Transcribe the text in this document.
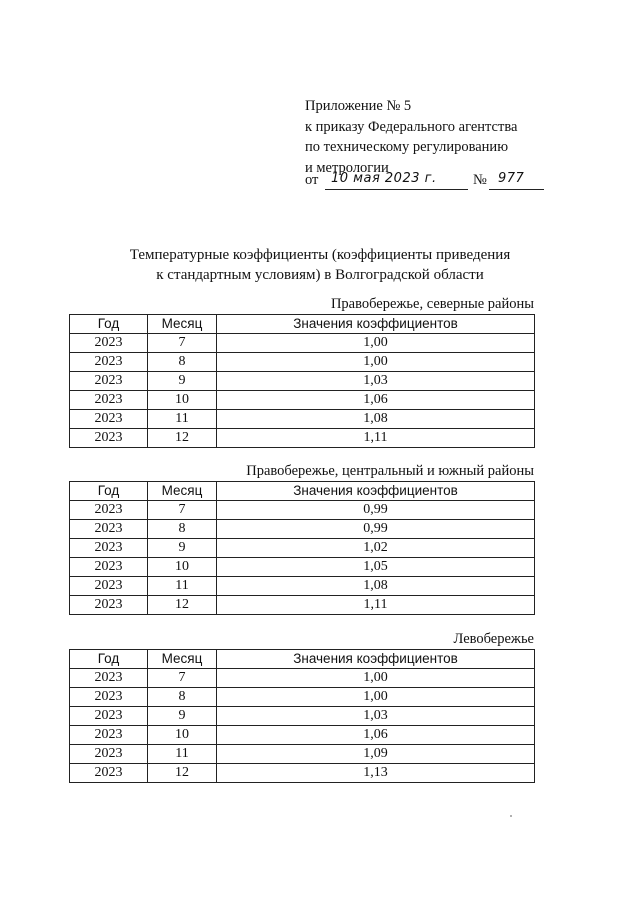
Приложение № 5
к приказу Федерального агентства
по техническому регулированию
и метрологии
от 10 мая 2023 г.	№ 977
Температурные коэффициенты (коэффициенты приведения
к стандартным условиям) в Волгоградской области
Правобережье, северные районы
Год	Месяц	Значения коэффициентов
2023	7	1,00
2023	8	1,00
2023	9	1,03
2023	10	1,06
2023	11	1,08
2023	12	1,11
Правобережье, центральный и южный районы
Год	Месяц	Значения коэффициентов
2023	7	0,99
2023	8	0,99
2023	9	1,02
2023	10	1,05
2023	11	1,08
2023	12	1,11
Левобережье
Год	Месяц	Значения коэффициентов
2023	7	1,00
2023	8	1,00
2023	9	1,03
2023	10	1,06
2023	11	1,09
2023	12	1,13
